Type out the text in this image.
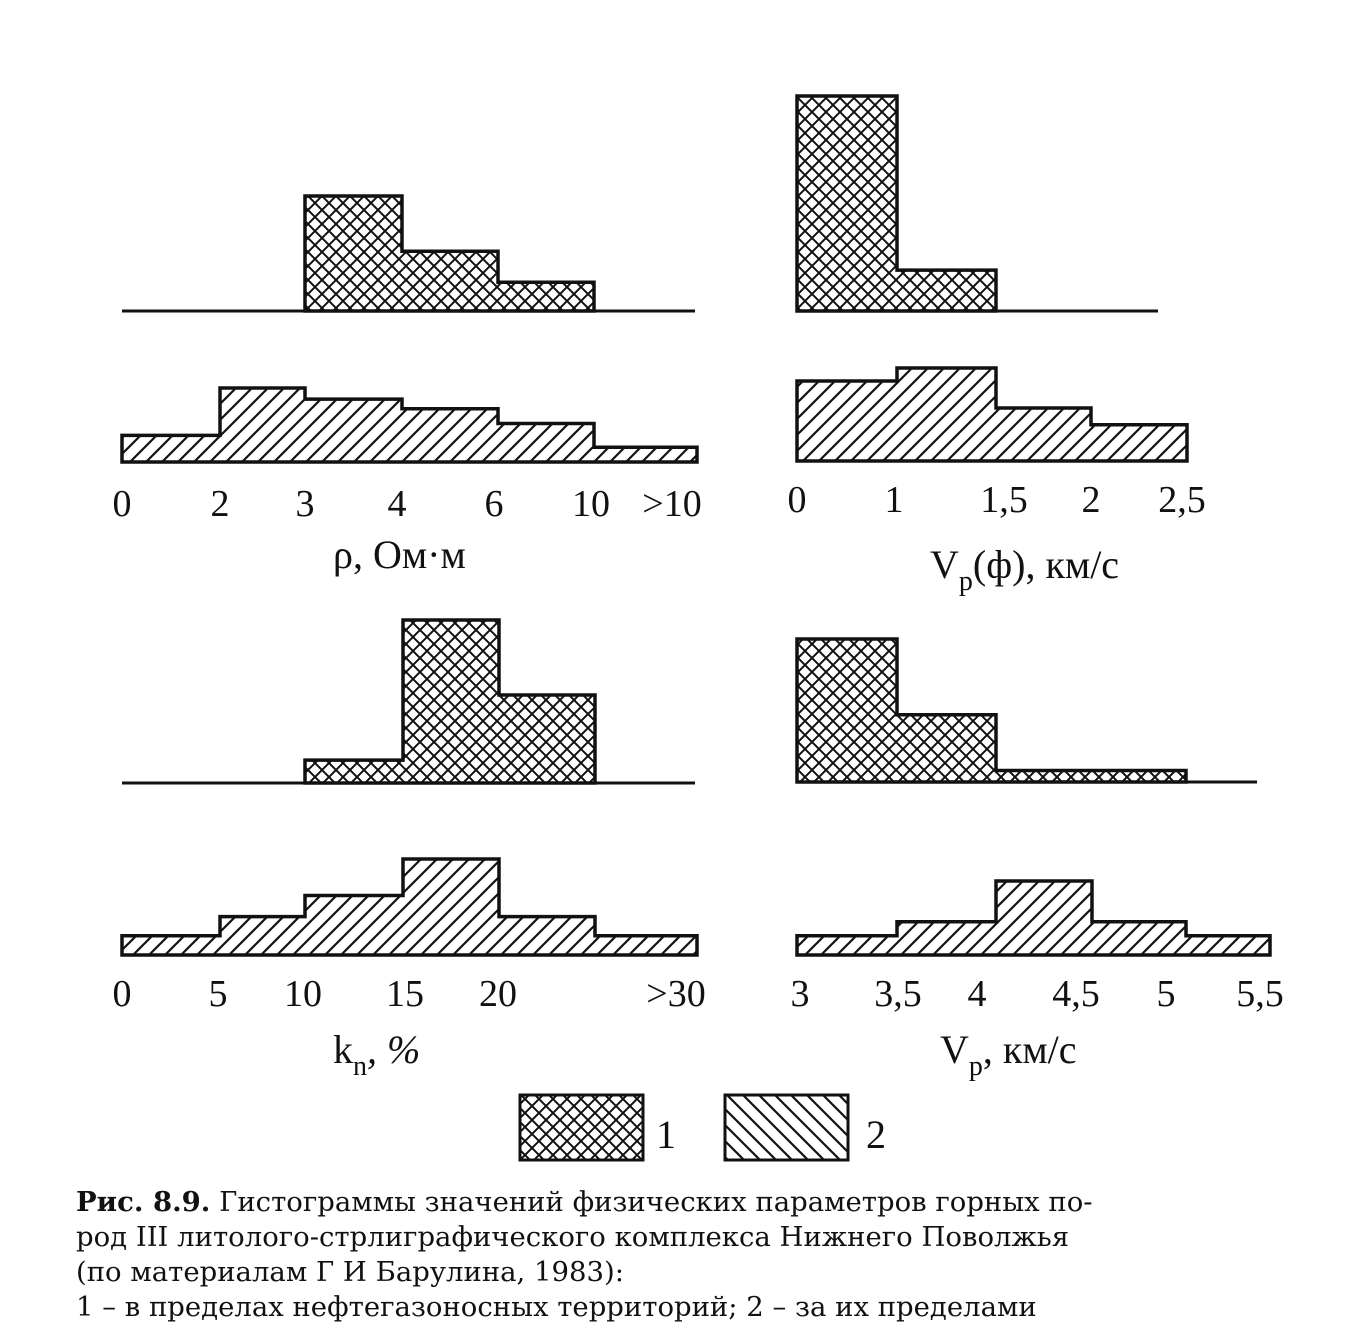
0 2 3 4 6 10 >10 0 1 1,5 2 2,5
0 5 10 15 20	>30 3 3,5 4 4,5 5 5,5
ρ, Ом·м	$V_p(ф)$, км/с
$k_n$, %	$V_p$, км/с
1	2
Рис. 8.9. Гистограммы значений физических параметров горных по-
род III литолого-стрлиграфического комплекса Нижнего Поволжья
(по материалам Г И Барулина, 1983):
1 – в пределах нефтегазоносных территорий; 2 – за их пределами
